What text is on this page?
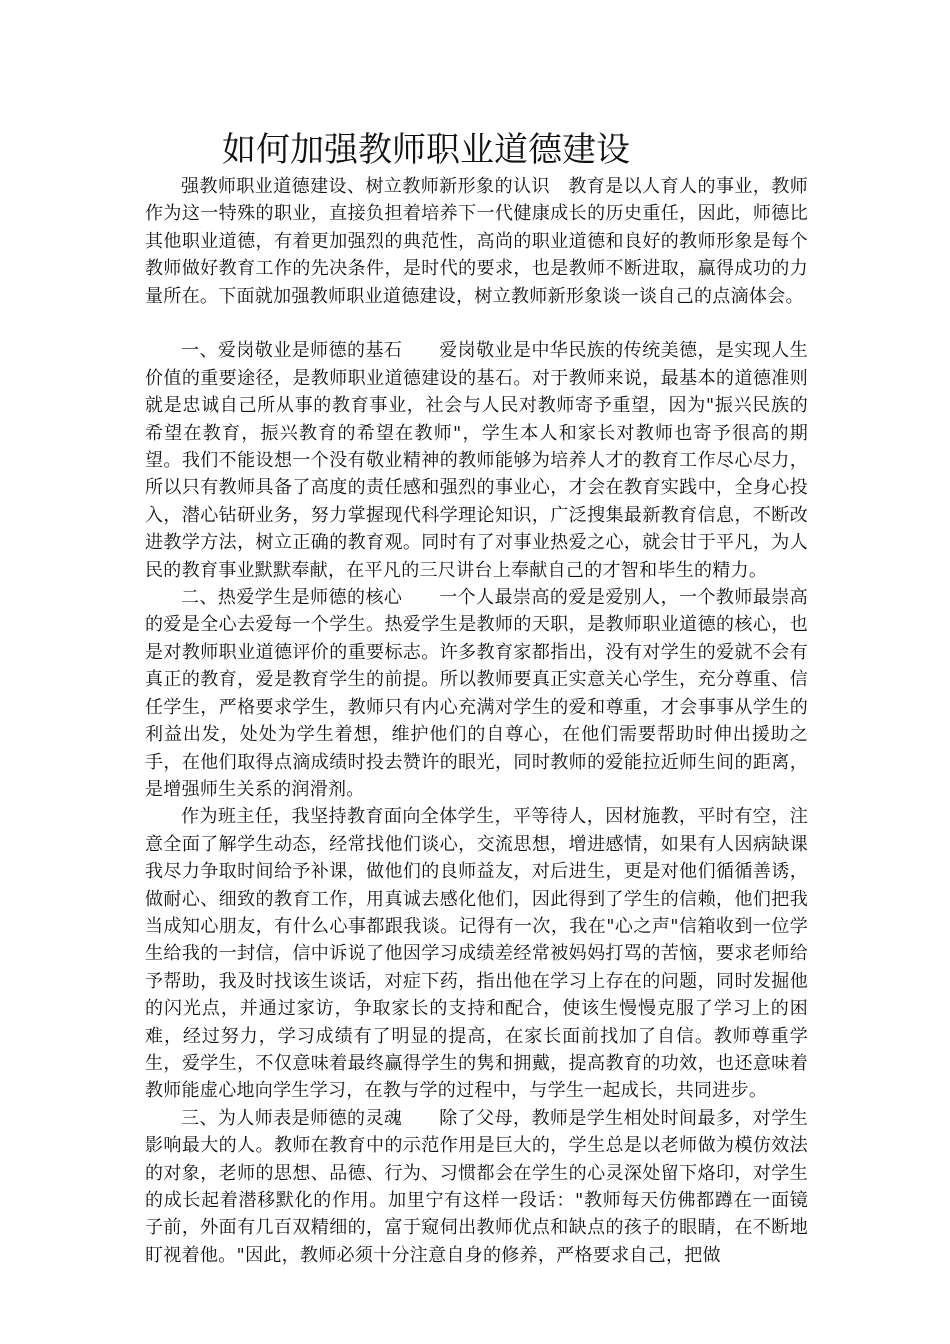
如何加强教师职业道德建设

强教师职业道德建设、树立教师新形象的认识　教育是以人育人的事业，教师作为这一特殊的职业，直接负担着培养下一代健康成长的历史重任，因此，师德比其他职业道德，有着更加强烈的典范性，高尚的职业道德和良好的教师形象是每个教师做好教育工作的先决条件，是时代的要求，也是教师不断进取，赢得成功的力量所在。下面就加强教师职业道德建设，树立教师新形象谈一谈自己的点滴体会。

一、爱岗敬业是师德的基石　　爱岗敬业是中华民族的传统美德，是实现人生价值的重要途径，是教师职业道德建设的基石。对于教师来说，最基本的道德准则就是忠诚自己所从事的教育事业，社会与人民对教师寄予重望，因为"振兴民族的希望在教育，振兴教育的希望在教师"，学生本人和家长对教师也寄予很高的期望。我们不能设想一个没有敬业精神的教师能够为培养人才的教育工作尽心尽力，所以只有教师具备了高度的责任感和强烈的事业心，才会在教育实践中，全身心投入，潜心钻研业务，努力掌握现代科学理论知识，广泛搜集最新教育信息，不断改进教学方法，树立正确的教育观。同时有了对事业热爱之心，就会甘于平凡，为人民的教育事业默默奉献，在平凡的三尺讲台上奉献自己的才智和毕生的精力。

二、热爱学生是师德的核心　　一个人最崇高的爱是爱别人，一个教师最崇高的爱是全心去爱每一个学生。热爱学生是教师的天职，是教师职业道德的核心，也是对教师职业道德评价的重要标志。许多教育家都指出，没有对学生的爱就不会有真正的教育，爱是教育学生的前提。所以教师要真正实意关心学生，充分尊重、信任学生，严格要求学生，教师只有内心充满对学生的爱和尊重，才会事事从学生的利益出发，处处为学生着想，维护他们的自尊心，在他们需要帮助时伸出援助之手，在他们取得点滴成绩时投去赞许的眼光，同时教师的爱能拉近师生间的距离，是增强师生关系的润滑剂。

作为班主任，我坚持教育面向全体学生，平等待人，因材施教，平时有空，注意全面了解学生动态，经常找他们谈心，交流思想，增进感情，如果有人因病缺课我尽力争取时间给予补课，做他们的良师益友，对后进生，更是对他们循循善诱，做耐心、细致的教育工作，用真诚去感化他们，因此得到了学生的信赖，他们把我当成知心朋友，有什么心事都跟我谈。记得有一次，我在"心之声"信箱收到一位学生给我的一封信，信中诉说了他因学习成绩差经常被妈妈打骂的苦恼，要求老师给予帮助，我及时找该生谈话，对症下药，指出他在学习上存在的问题，同时发掘他的闪光点，并通过家访，争取家长的支持和配合，使该生慢慢克服了学习上的困难，经过努力，学习成绩有了明显的提高，在家长面前找加了自信。教师尊重学生，爱学生，不仅意味着最终赢得学生的隽和拥戴，提高教育的功效，也还意味着教师能虚心地向学生学习，在教与学的过程中，与学生一起成长，共同进步。

三、为人师表是师德的灵魂　　除了父母，教师是学生相处时间最多，对学生影响最大的人。教师在教育中的示范作用是巨大的，学生总是以老师做为模仿效法的对象，老师的思想、品德、行为、习惯都会在学生的心灵深处留下烙印，对学生的成长起着潜移默化的作用。加里宁有这样一段话："教师每天仿佛都蹲在一面镜子前，外面有几百双精细的，富于窥伺出教师优点和缺点的孩子的眼睛，在不断地盯视着他。"因此，教师必须十分注意自身的修养，严格要求自己，把做
